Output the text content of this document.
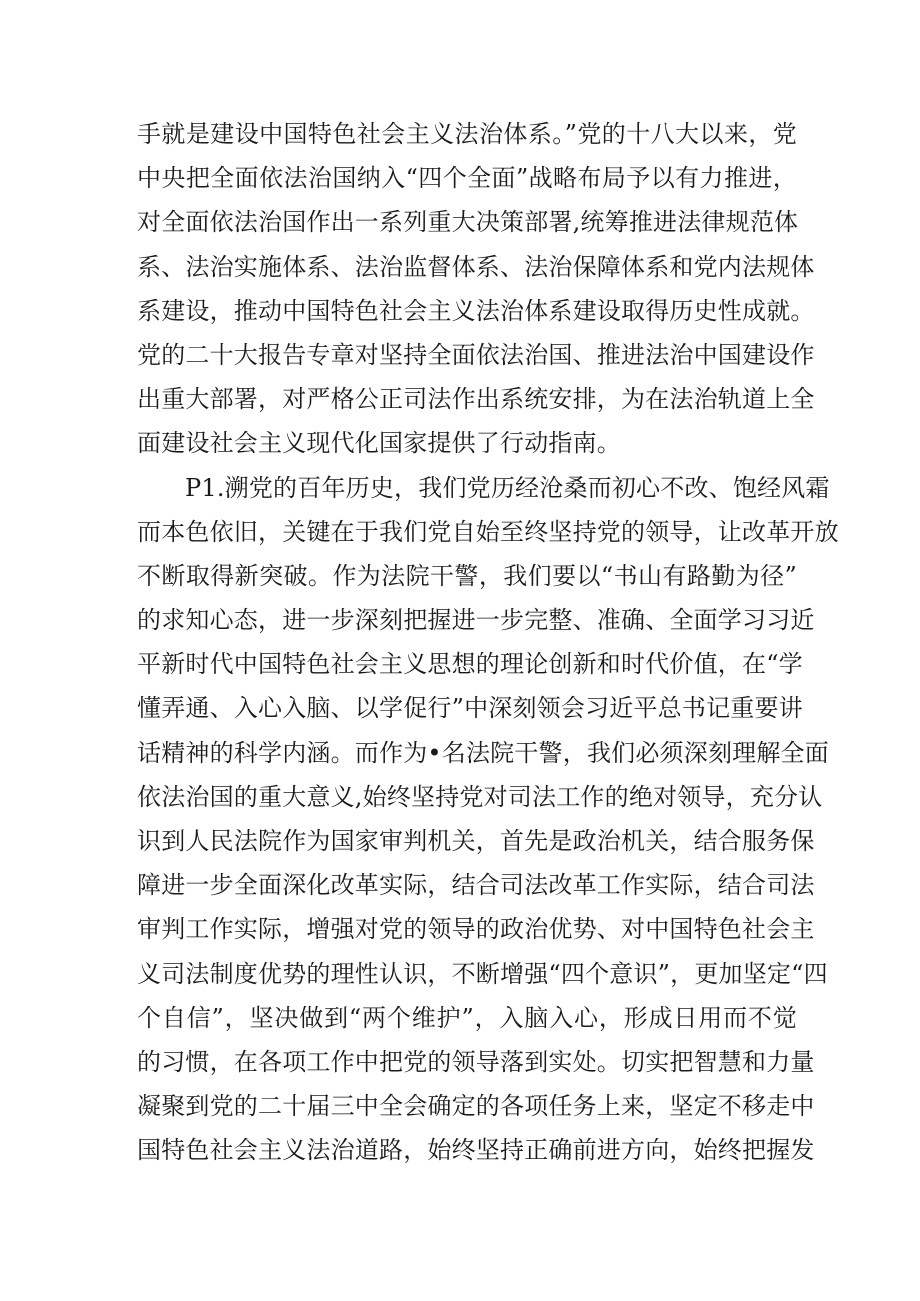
手就是建设中国特色社会主义法治体系。”党的十八大以来，党
中央把全面依法治国纳入“四个全面”战略布局予以有力推进，
对全面依法治国作出一系列重大决策部署,统筹推进法律规范体
系、法治实施体系、法治监督体系、法治保障体系和党内法规体
系建设，推动中国特色社会主义法治体系建设取得历史性成就。
党的二十大报告专章对坚持全面依法治国、推进法治中国建设作
出重大部署，对严格公正司法作出系统安排，为在法治轨道上全
面建设社会主义现代化国家提供了行动指南。
P1.溯党的百年历史，我们党历经沧桑而初心不改、饱经风霜
而本色依旧，关键在于我们党自始至终坚持党的领导，让改革开放
不断取得新突破。作为法院干警，我们要以“书山有路勤为径”
的求知心态，进一步深刻把握进一步完整、准确、全面学习习近
平新时代中国特色社会主义思想的理论创新和时代价值，在“学
懂弄通、入心入脑、以学促行”中深刻领会习近平总书记重要讲
话精神的科学内涵。而作为•名法院干警，我们必须深刻理解全面
依法治国的重大意义,始终坚持党对司法工作的绝对领导，充分认
识到人民法院作为国家审判机关，首先是政治机关，结合服务保
障进一步全面深化改革实际，结合司法改革工作实际，结合司法
审判工作实际，增强对党的领导的政治优势、对中国特色社会主
义司法制度优势的理性认识，不断增强“四个意识”，更加坚定“四
个自信”，坚决做到“两个维护”，入脑入心，形成日用而不觉
的习惯，在各项工作中把党的领导落到实处。切实把智慧和力量
凝聚到党的二十届三中全会确定的各项任务上来，坚定不移走中
国特色社会主义法治道路，始终坚持正确前进方向，始终把握发
